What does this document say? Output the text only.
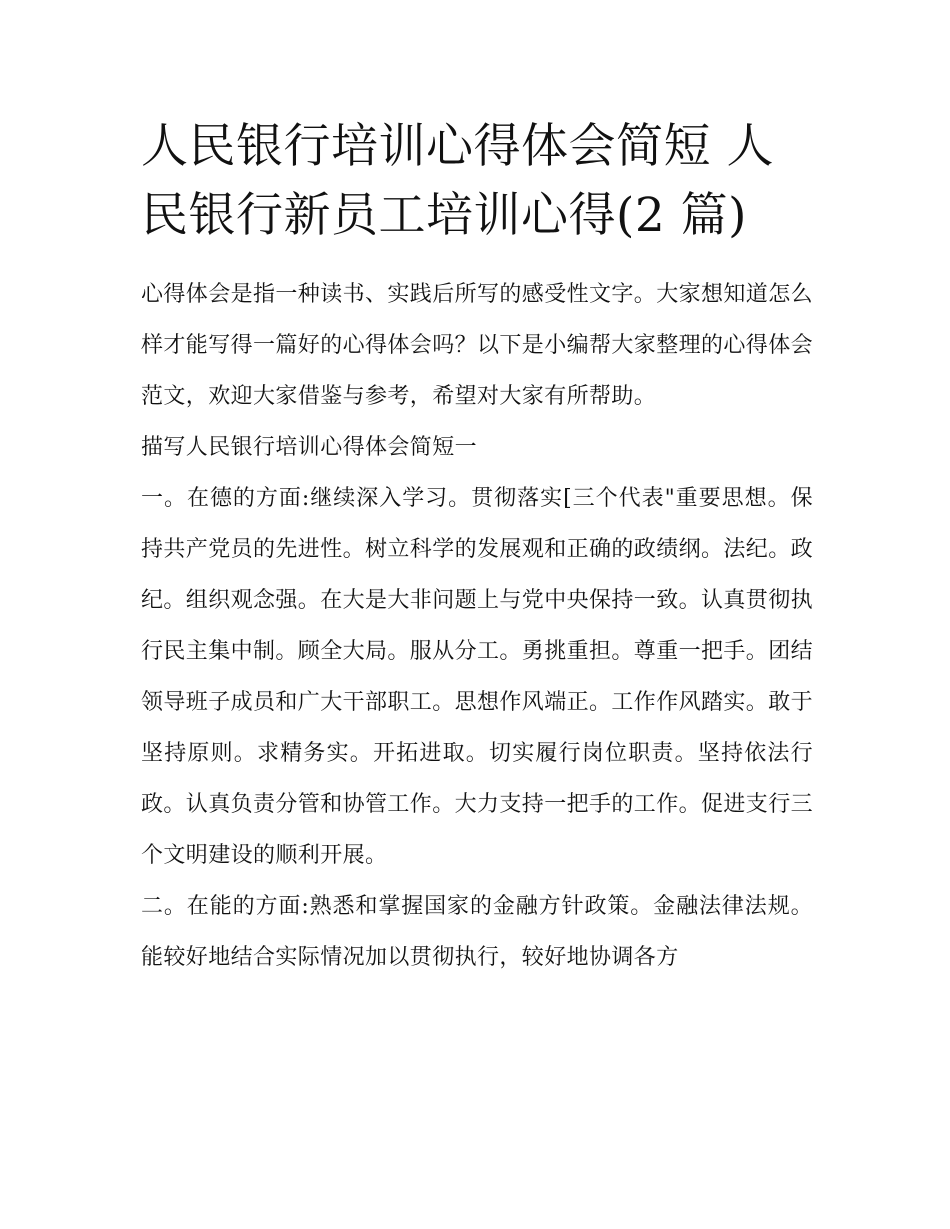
人民银行培训心得体会简短 人民银行新员工培训心得(2 篇)

心得体会是指一种读书、实践后所写的感受性文字。大家想知道怎么样才能写得一篇好的心得体会吗？以下是小编帮大家整理的心得体会范文，欢迎大家借鉴与参考，希望对大家有所帮助。

描写人民银行培训心得体会简短一

一。在德的方面:继续深入学习。贯彻落实[三个代表"重要思想。保持共产党员的先进性。树立科学的发展观和正确的政绩纲。法纪。政纪。组织观念强。在大是大非问题上与党中央保持一致。认真贯彻执行民主集中制。顾全大局。服从分工。勇挑重担。尊重一把手。团结领导班子成员和广大干部职工。思想作风端正。工作作风踏实。敢于坚持原则。求精务实。开拓进取。切实履行岗位职责。坚持依法行政。认真负责分管和协管工作。大力支持一把手的工作。促进支行三个文明建设的顺利开展。

二。在能的方面:熟悉和掌握国家的金融方针政策。金融法律法规。能较好地结合实际情况加以贯彻执行，较好地协调各方
